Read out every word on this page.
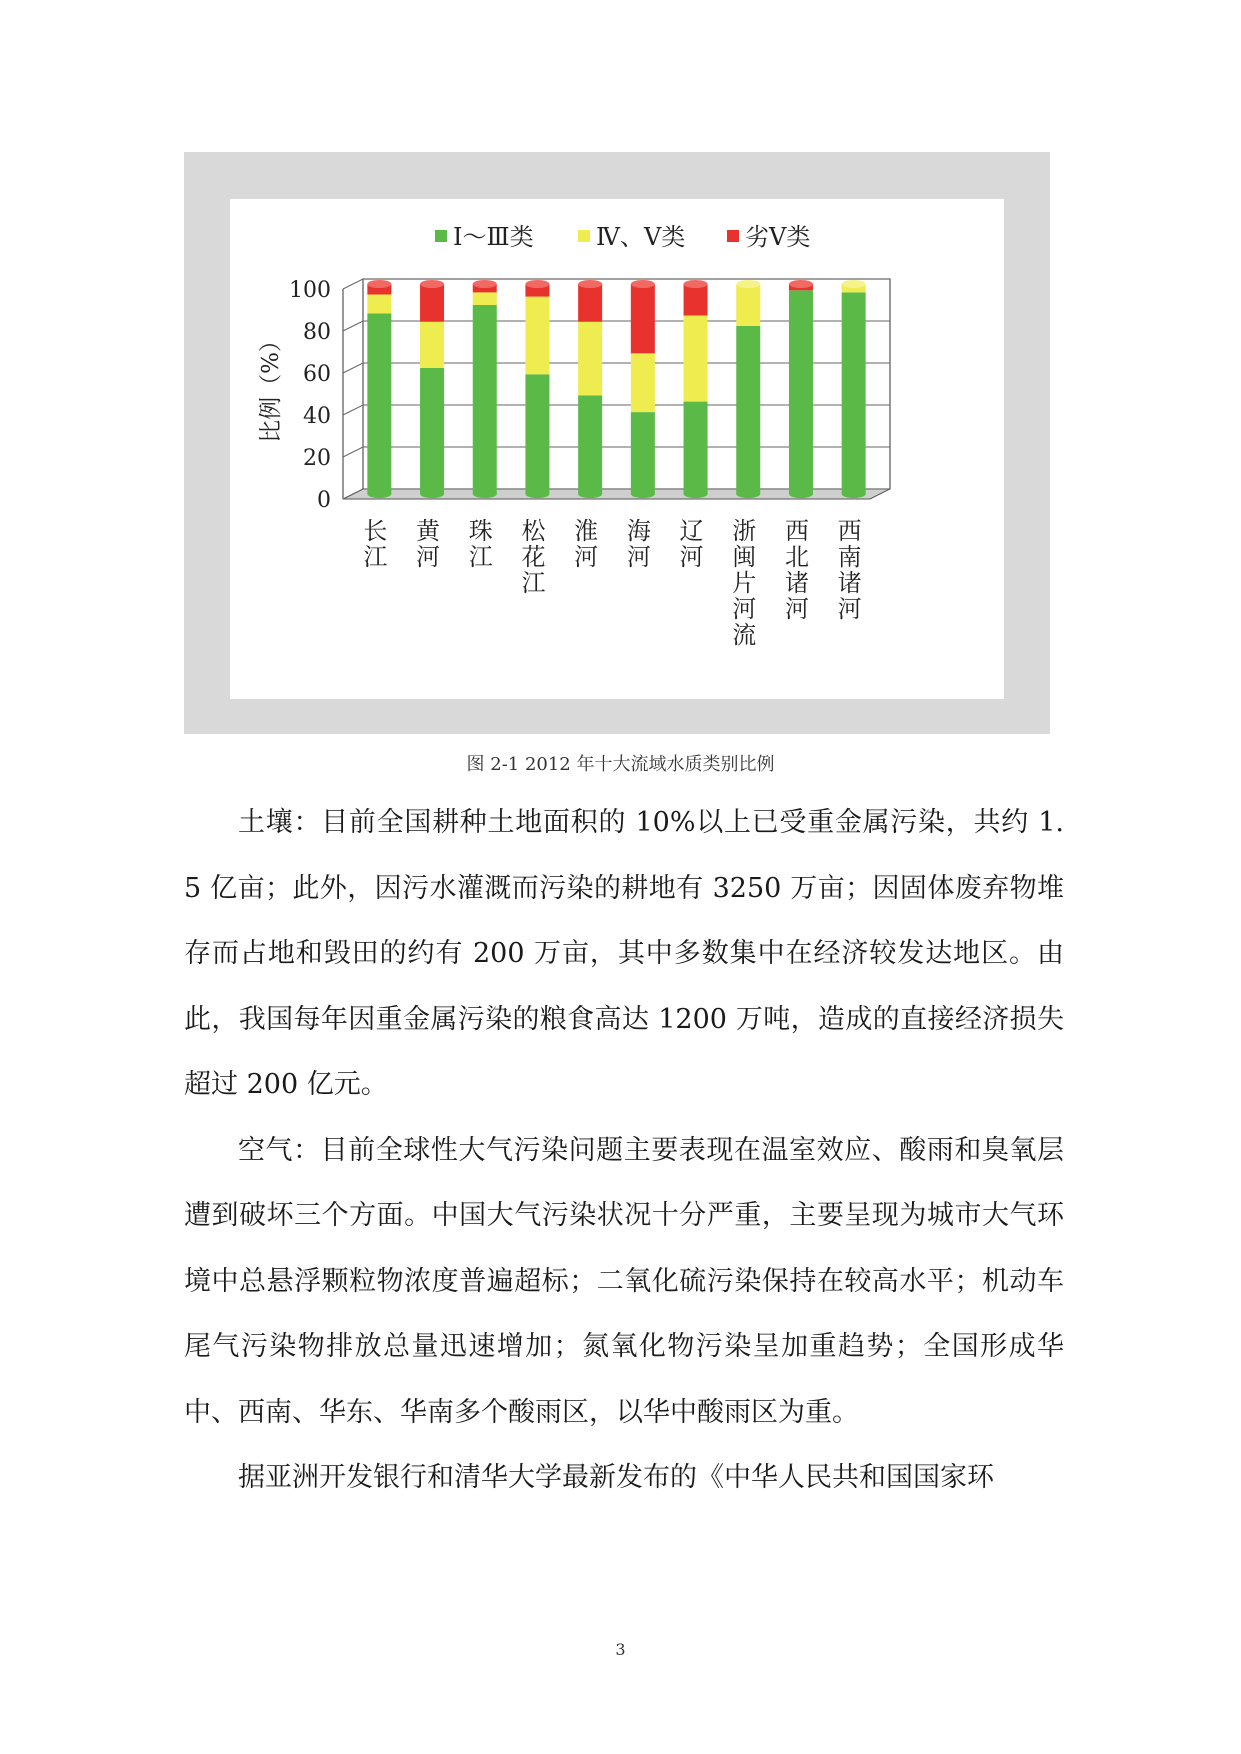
0
20
40
60
80
100
比例（%）
Ⅰ～Ⅲ类	Ⅳ、Ⅴ类 劣Ⅴ类
长
江
黄
河
珠
江
松
花
江
淮
河
海
河
辽
河
浙
闽
片
河
流
西
北
诸
河
西
南
诸
河
图 2-1 2012 年十大流域水质类别比例

土壤：目前全国耕种土地面积的 10%以上已受重金属污染，共约 1. 5 亿亩；此外，因污水灌溉而污染的耕地有 3250 万亩；因固体废弃物堆存而占地和毁田的约有 200 万亩，其中多数集中在经济较发达地区。由此，我国每年因重金属污染的粮食高达 1200 万吨，造成的直接经济损失超过 200 亿元。

空气：目前全球性大气污染问题主要表现在温室效应、酸雨和臭氧层遭到破坏三个方面。中国大气污染状况十分严重，主要呈现为城市大气环境中总悬浮颗粒物浓度普遍超标；二氧化硫污染保持在较高水平；机动车尾气污染物排放总量迅速增加；氮氧化物污染呈加重趋势；全国形成华中、西南、华东、华南多个酸雨区，以华中酸雨区为重。

据亚洲开发银行和清华大学最新发布的《中华人民共和国国家环

3
